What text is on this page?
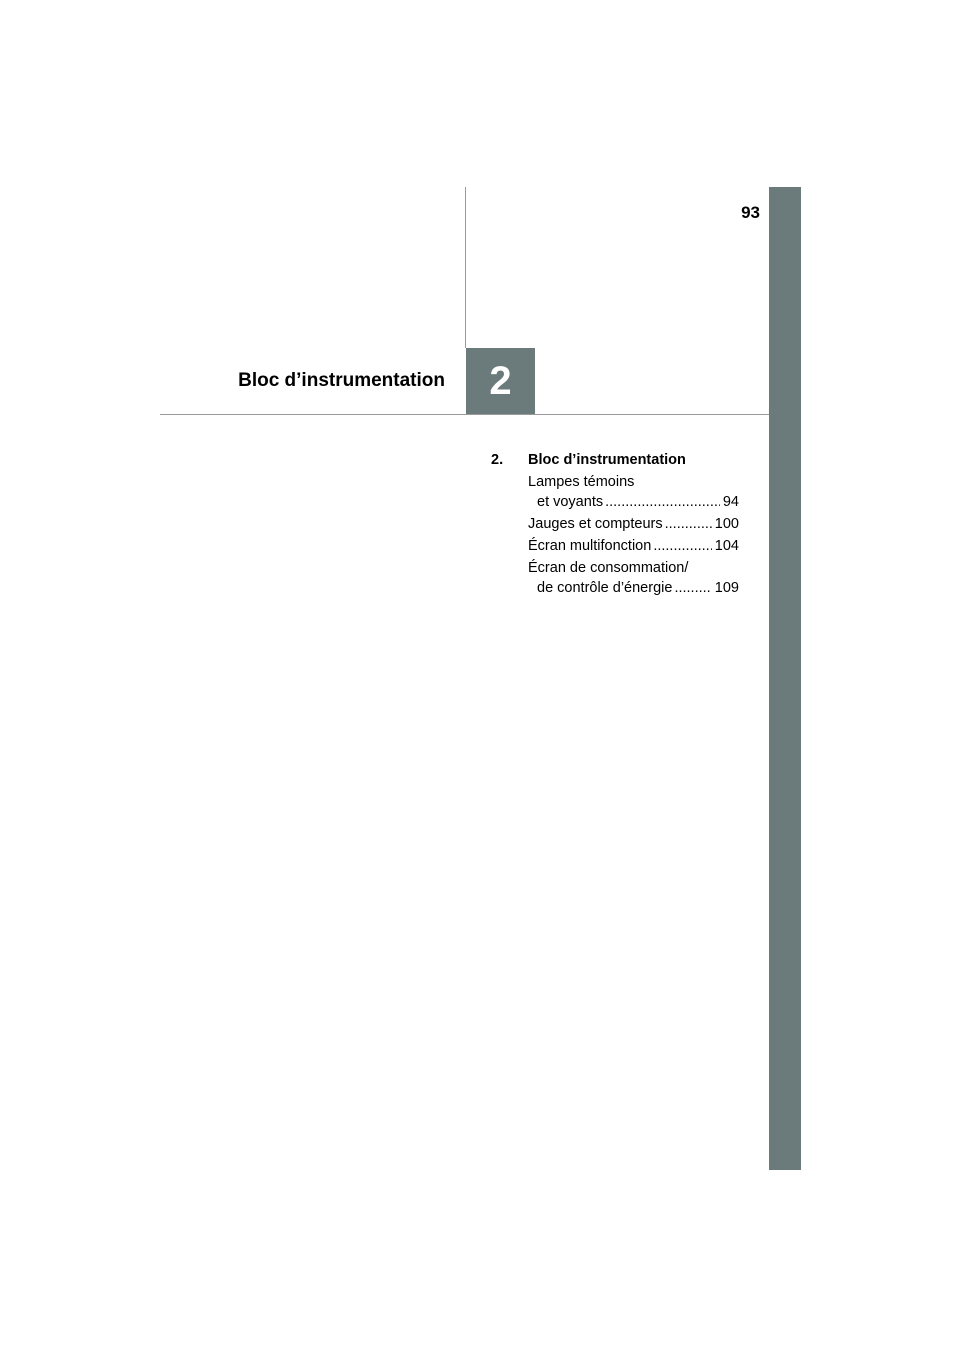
93
2
Bloc d’instrumentation
2.	Bloc d’instrumentation
Lampes témoins
et voyants .....	94
Jauges et compteurs .....	100
Écran multifonction .....	104
Écran de consommation/
de contrôle d’énergie .....	109
